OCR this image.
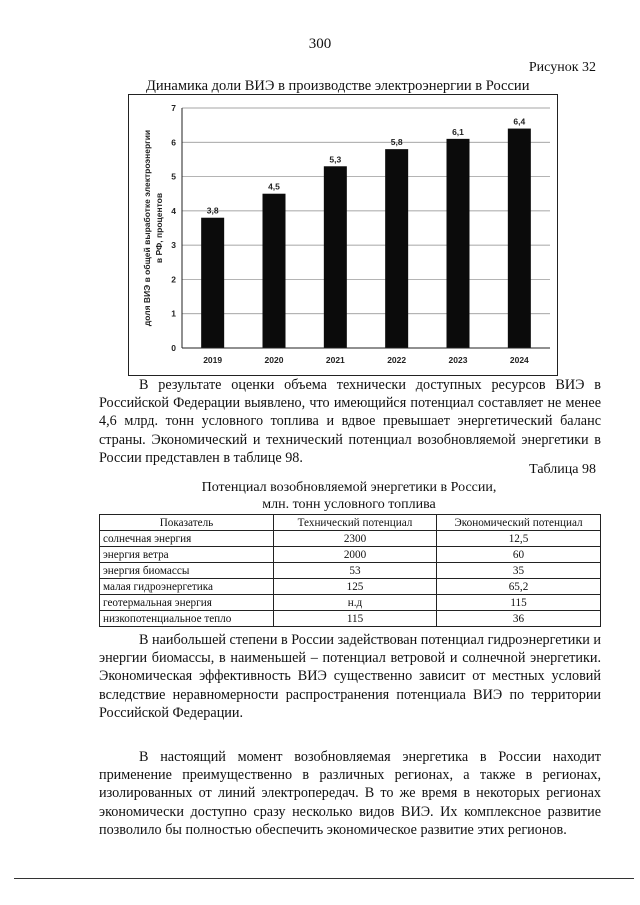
300
Рисунок 32
Динамика доли ВИЭ в производстве электроэнергии в России
3,8
4,5
5,3
5,8
6,1
6,4
0
1
2
3
4
5
6
7
2019	2020	2021	2022	2023	2024
доля ВИЭ в общей выработке электроэнергии в РФ, процентов
В результате оценки объема технически доступных ресурсов ВИЭ в Российской Федерации выявлено, что имеющийся потенциал составляет не менее 4,6 млрд. тонн условного топлива и вдвое превышает энергетический баланс страны. Экономический и технический потенциал возобновляемой энергетики в России представлен в таблице 98.
Таблица 98
Потенциал возобновляемой энергетики в России,
млн. тонн условного топлива
Показатель	Технический потенциал	Экономический потенциал
солнечная энергия	2300	12,5
энергия ветра	2000	60
энергия биомассы	53	35
малая гидроэнергетика	125	65,2
геотермальная энергия	н.д	115
низкопотенциальное тепло	115	36
В наибольшей степени в России задействован потенциал гидроэнергетики и энергии биомассы, в наименьшей – потенциал ветровой и солнечной энергетики. Экономическая эффективность ВИЭ существенно зависит от местных условий вследствие неравномерности распространения потенциала ВИЭ по территории Российской Федерации.
В настоящий момент возобновляемая энергетика в России находит применение преимущественно в различных регионах, а также в регионах, изолированных от линий электропередач. В то же время в некоторых регионах экономически доступно сразу несколько видов ВИЭ. Их комплексное развитие позволило бы полностью обеспечить экономическое развитие этих регионов.
